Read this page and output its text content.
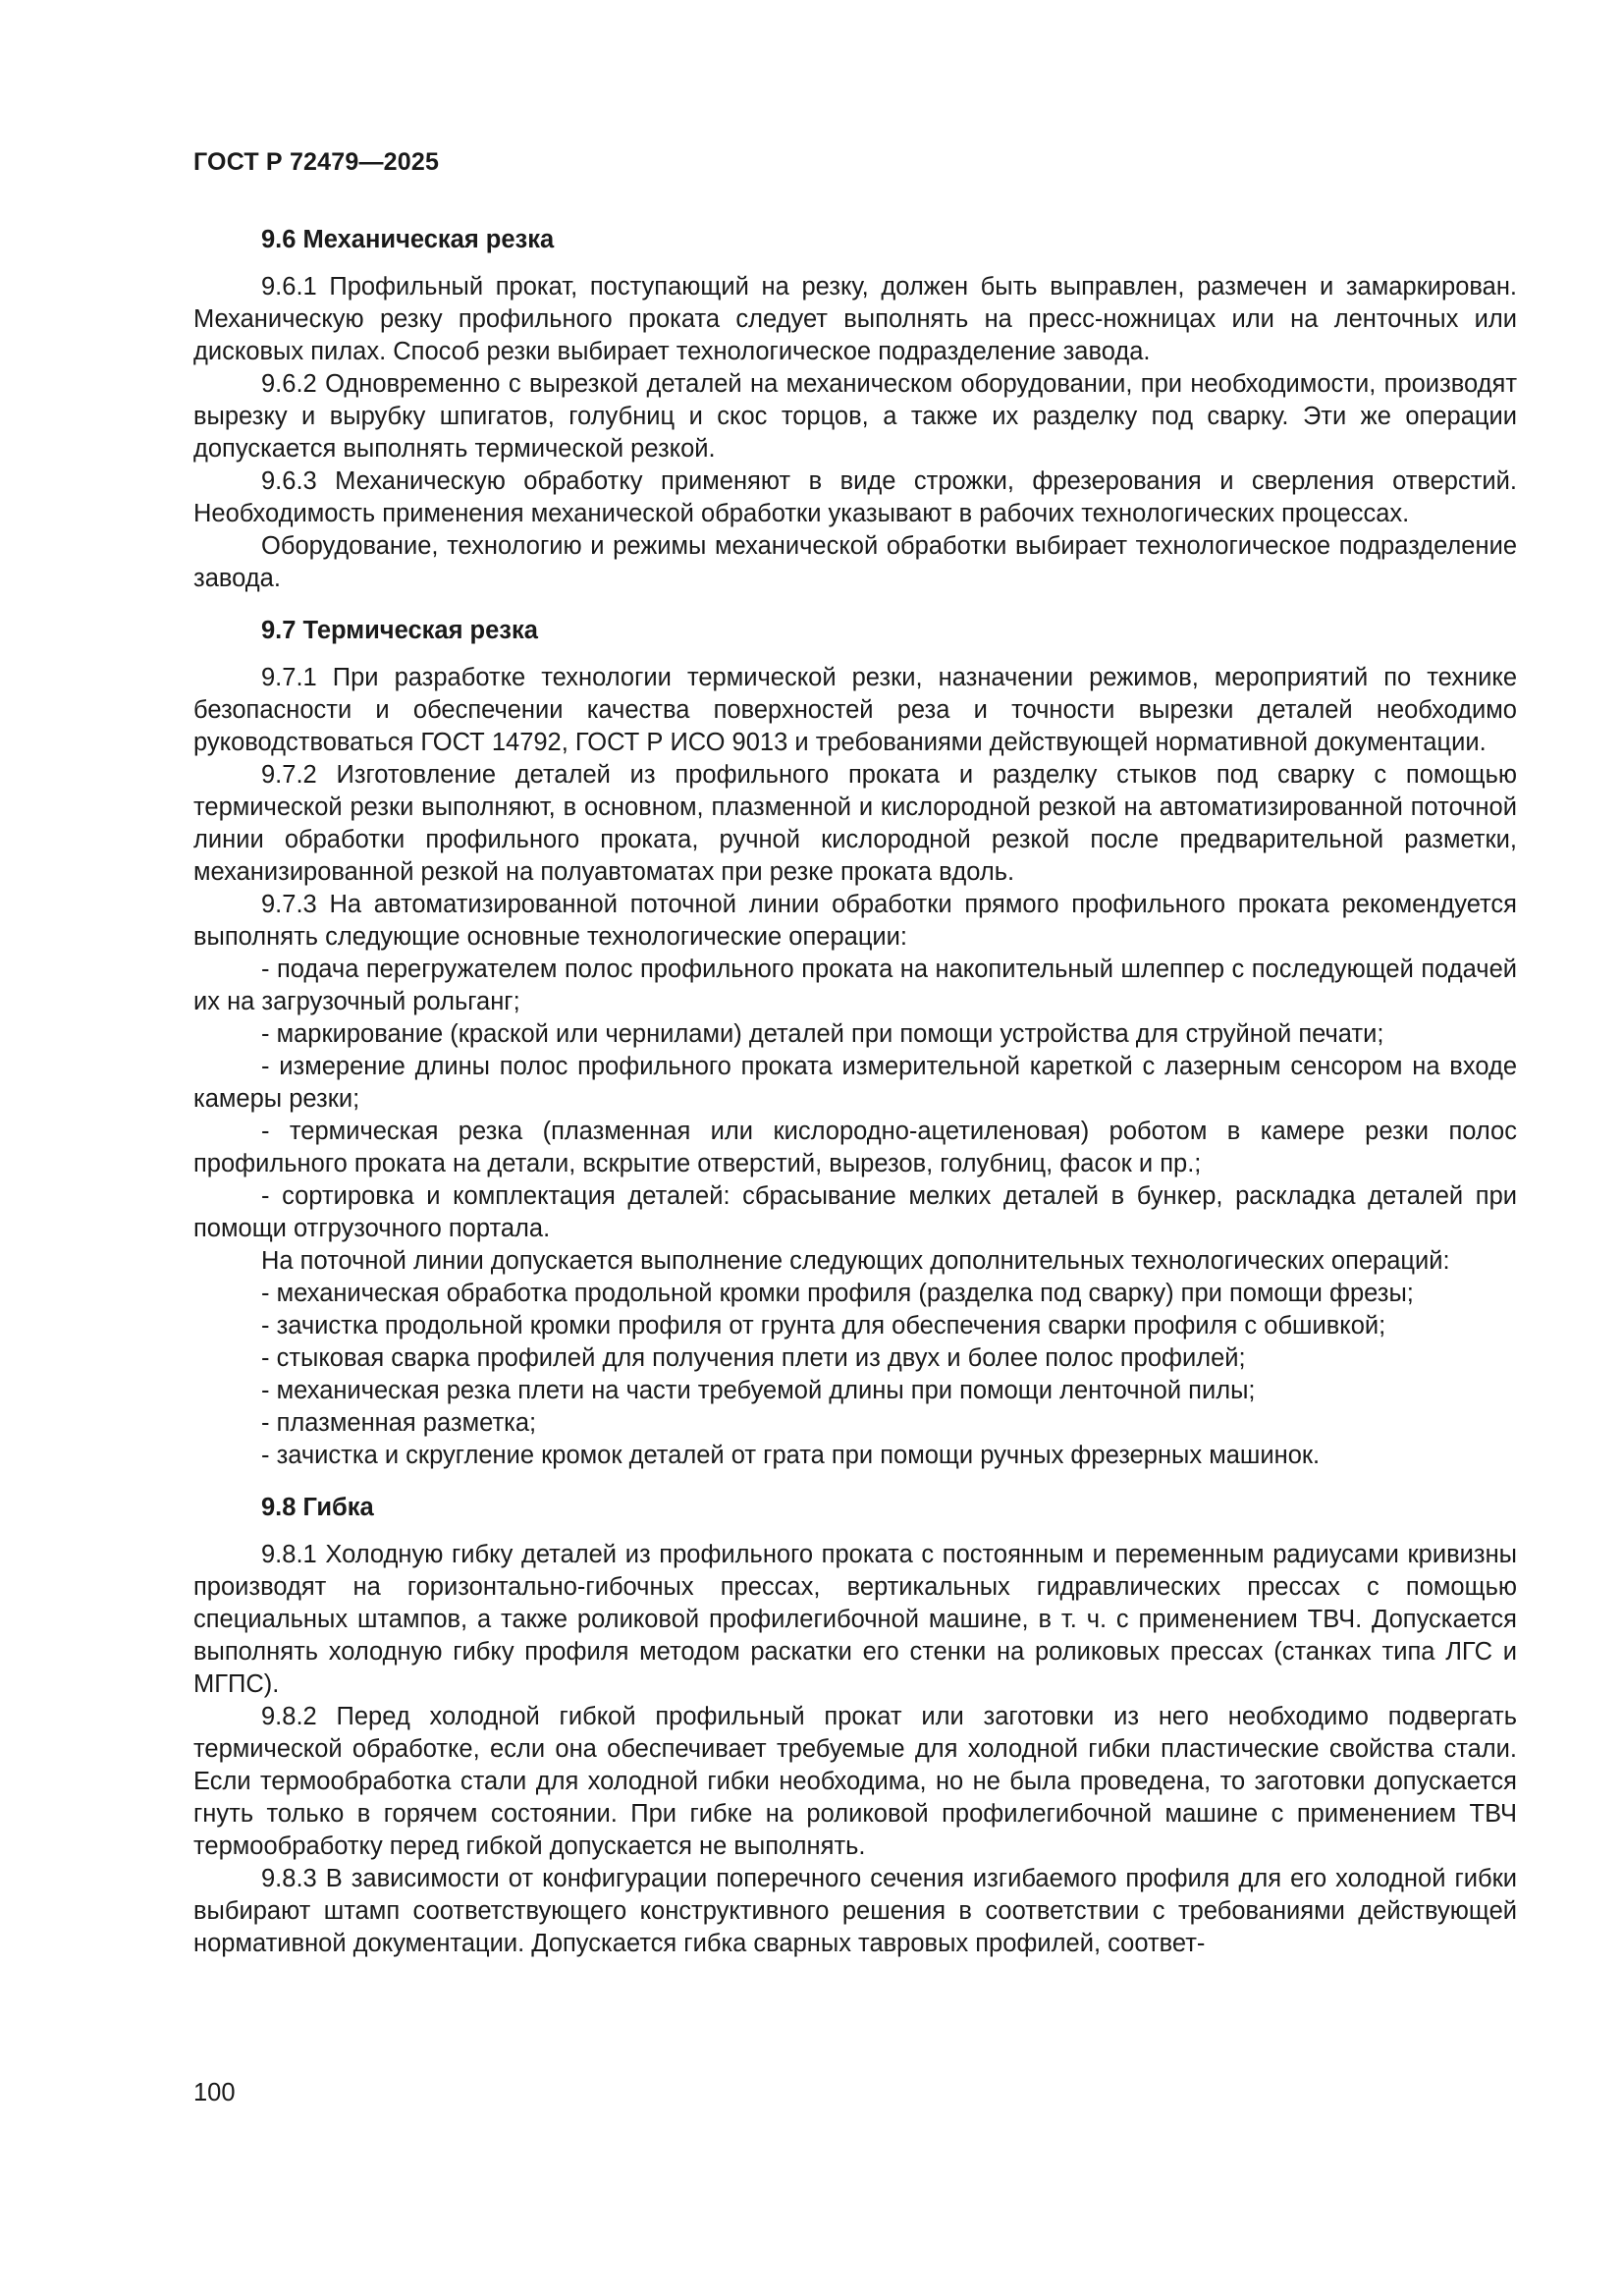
ГОСТ Р 72479—2025
9.6 Механическая резка

9.6.1 Профильный прокат, поступающий на резку, должен быть выправлен, размечен и замаркирован. Механическую резку профильного проката следует выполнять на пресс-ножницах или на ленточных или дисковых пилах. Способ резки выбирает технологическое подразделение завода.

9.6.2 Одновременно с вырезкой деталей на механическом оборудовании, при необходимости, производят вырезку и вырубку шпигатов, голубниц и скос торцов, а также их разделку под сварку. Эти же операции допускается выполнять термической резкой.

9.6.3 Механическую обработку применяют в виде строжки, фрезерования и сверления отверстий. Необходимость применения механической обработки указывают в рабочих технологических процессах.

Оборудование, технологию и режимы механической обработки выбирает технологическое подразделение завода.

9.7 Термическая резка

9.7.1 При разработке технологии термической резки, назначении режимов, мероприятий по технике безопасности и обеспечении качества поверхностей реза и точности вырезки деталей необходимо руководствоваться ГОСТ 14792, ГОСТ Р ИСО 9013 и требованиями действующей нормативной документации.

9.7.2 Изготовление деталей из профильного проката и разделку стыков под сварку с помощью термической резки выполняют, в основном, плазменной и кислородной резкой на автоматизированной поточной линии обработки профильного проката, ручной кислородной резкой после предварительной разметки, механизированной резкой на полуавтоматах при резке проката вдоль.

9.7.3 На автоматизированной поточной линии обработки прямого профильного проката рекомендуется выполнять следующие основные технологические операции:

- подача перегружателем полос профильного проката на накопительный шлеппер с последующей подачей их на загрузочный рольганг;

- маркирование (краской или чернилами) деталей при помощи устройства для струйной печати;

- измерение длины полос профильного проката измерительной кареткой с лазерным сенсором на входе камеры резки;

- термическая резка (плазменная или кислородно-ацетиленовая) роботом в камере резки полос профильного проката на детали, вскрытие отверстий, вырезов, голубниц, фасок и пр.;

- сортировка и комплектация деталей: сбрасывание мелких деталей в бункер, раскладка деталей при помощи отгрузочного портала.

На поточной линии допускается выполнение следующих дополнительных технологических операций:

- механическая обработка продольной кромки профиля (разделка под сварку) при помощи фрезы;

- зачистка продольной кромки профиля от грунта для обеспечения сварки профиля с обшивкой;

- стыковая сварка профилей для получения плети из двух и более полос профилей;

- механическая резка плети на части требуемой длины при помощи ленточной пилы;

- плазменная разметка;

- зачистка и скругление кромок деталей от грата при помощи ручных фрезерных машинок.

9.8 Гибка

9.8.1 Холодную гибку деталей из профильного проката с постоянным и переменным радиусами кривизны производят на горизонтально-гибочных прессах, вертикальных гидравлических прессах с помощью специальных штампов, а также роликовой профилегибочной машине, в т. ч. с применением ТВЧ. Допускается выполнять холодную гибку профиля методом раскатки его стенки на роликовых прессах (станках типа ЛГС и МГПС).

9.8.2 Перед холодной гибкой профильный прокат или заготовки из него необходимо подвергать термической обработке, если она обеспечивает требуемые для холодной гибки пластические свойства стали. Если термообработка стали для холодной гибки необходима, но не была проведена, то заготовки допускается гнуть только в горячем состоянии. При гибке на роликовой профилегибочной машине с применением ТВЧ термообработку перед гибкой допускается не выполнять.

9.8.3 В зависимости от конфигурации поперечного сечения изгибаемого профиля для его холодной гибки выбирают штамп соответствующего конструктивного решения в соответствии с требованиями действующей нормативной документации. Допускается гибка сварных тавровых профилей, соответ-

100
